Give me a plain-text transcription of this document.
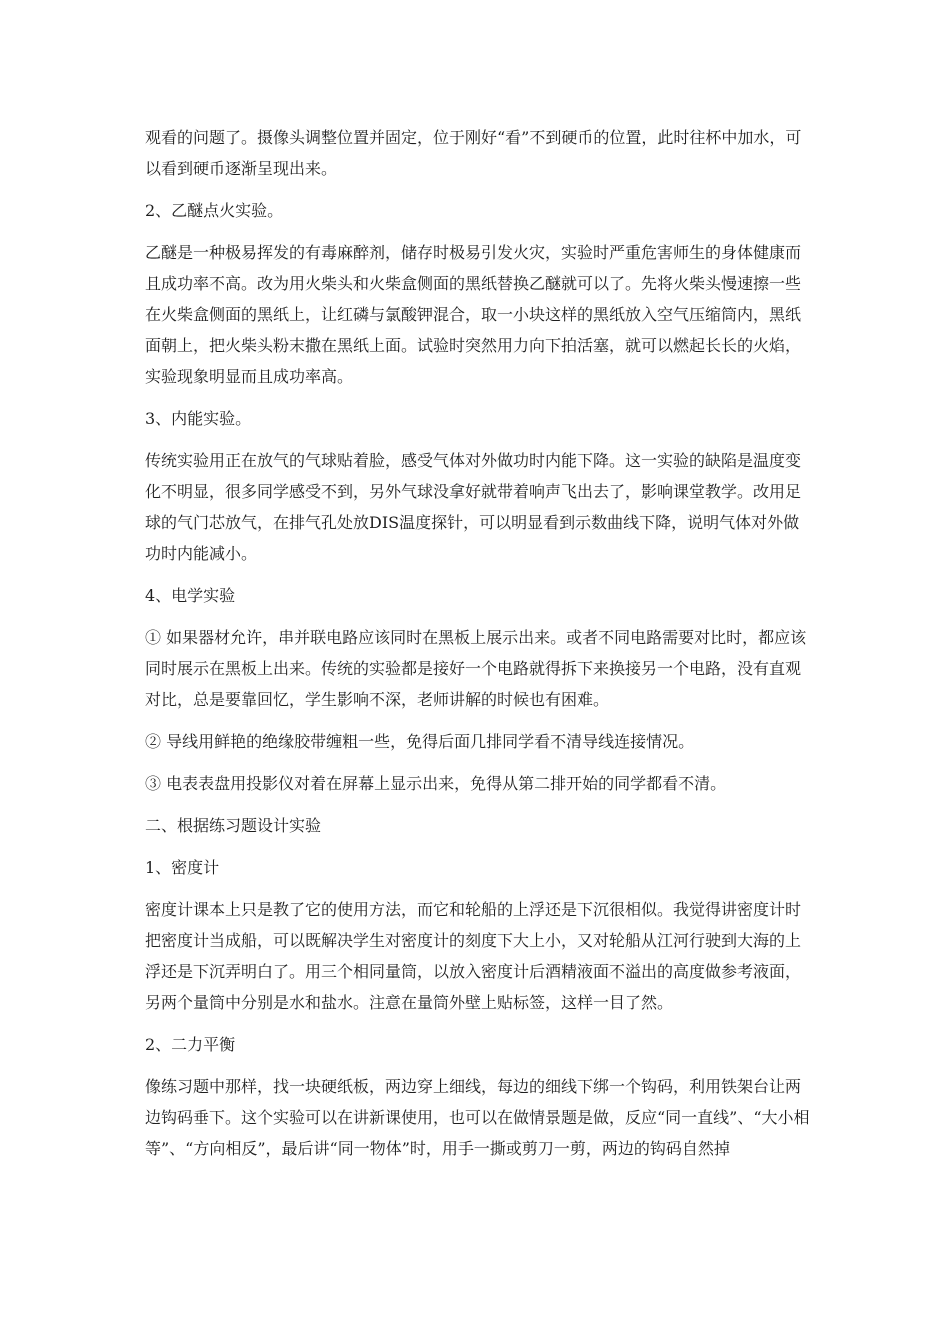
观看的问题了。摄像头调整位置并固定，位于刚好“看”不到硬币的位置，此时往杯中加水，可以看到硬币逐渐呈现出来。

2、乙醚点火实验。

乙醚是一种极易挥发的有毒麻醉剂，储存时极易引发火灾，实验时严重危害师生的身体健康而且成功率不高。改为用火柴头和火柴盒侧面的黑纸替换乙醚就可以了。先将火柴头慢速擦一些在火柴盒侧面的黑纸上，让红磷与氯酸钾混合，取一小块这样的黑纸放入空气压缩筒内，黑纸面朝上，把火柴头粉末撒在黑纸上面。试验时突然用力向下拍活塞，就可以燃起长长的火焰，实验现象明显而且成功率高。

3、内能实验。

传统实验用正在放气的气球贴着脸，感受气体对外做功时内能下降。这一实验的缺陷是温度变化不明显，很多同学感受不到，另外气球没拿好就带着响声飞出去了，影响课堂教学。改用足球的气门芯放气，在排气孔处放DIS温度探针，可以明显看到示数曲线下降，说明气体对外做功时内能减小。

4、电学实验

① 如果器材允许，串并联电路应该同时在黑板上展示出来。或者不同电路需要对比时，都应该同时展示在黑板上出来。传统的实验都是接好一个电路就得拆下来换接另一个电路，没有直观对比，总是要靠回忆，学生影响不深，老师讲解的时候也有困难。

② 导线用鲜艳的绝缘胶带缠粗一些，免得后面几排同学看不清导线连接情况。

③ 电表表盘用投影仪对着在屏幕上显示出来，免得从第二排开始的同学都看不清。

二、根据练习题设计实验

1、密度计

密度计课本上只是教了它的使用方法，而它和轮船的上浮还是下沉很相似。我觉得讲密度计时把密度计当成船，可以既解决学生对密度计的刻度下大上小，又对轮船从江河行驶到大海的上浮还是下沉弄明白了。用三个相同量筒，以放入密度计后酒精液面不溢出的高度做参考液面，另两个量筒中分别是水和盐水。注意在量筒外壁上贴标签，这样一目了然。

2、二力平衡

像练习题中那样，找一块硬纸板，两边穿上细线，每边的细线下绑一个钩码，利用铁架台让两边钩码垂下。这个实验可以在讲新课使用，也可以在做情景题是做，反应“同一直线”、“大小相等”、“方向相反”，最后讲“同一物体”时，用手一撕或剪刀一剪，两边的钩码自然掉
